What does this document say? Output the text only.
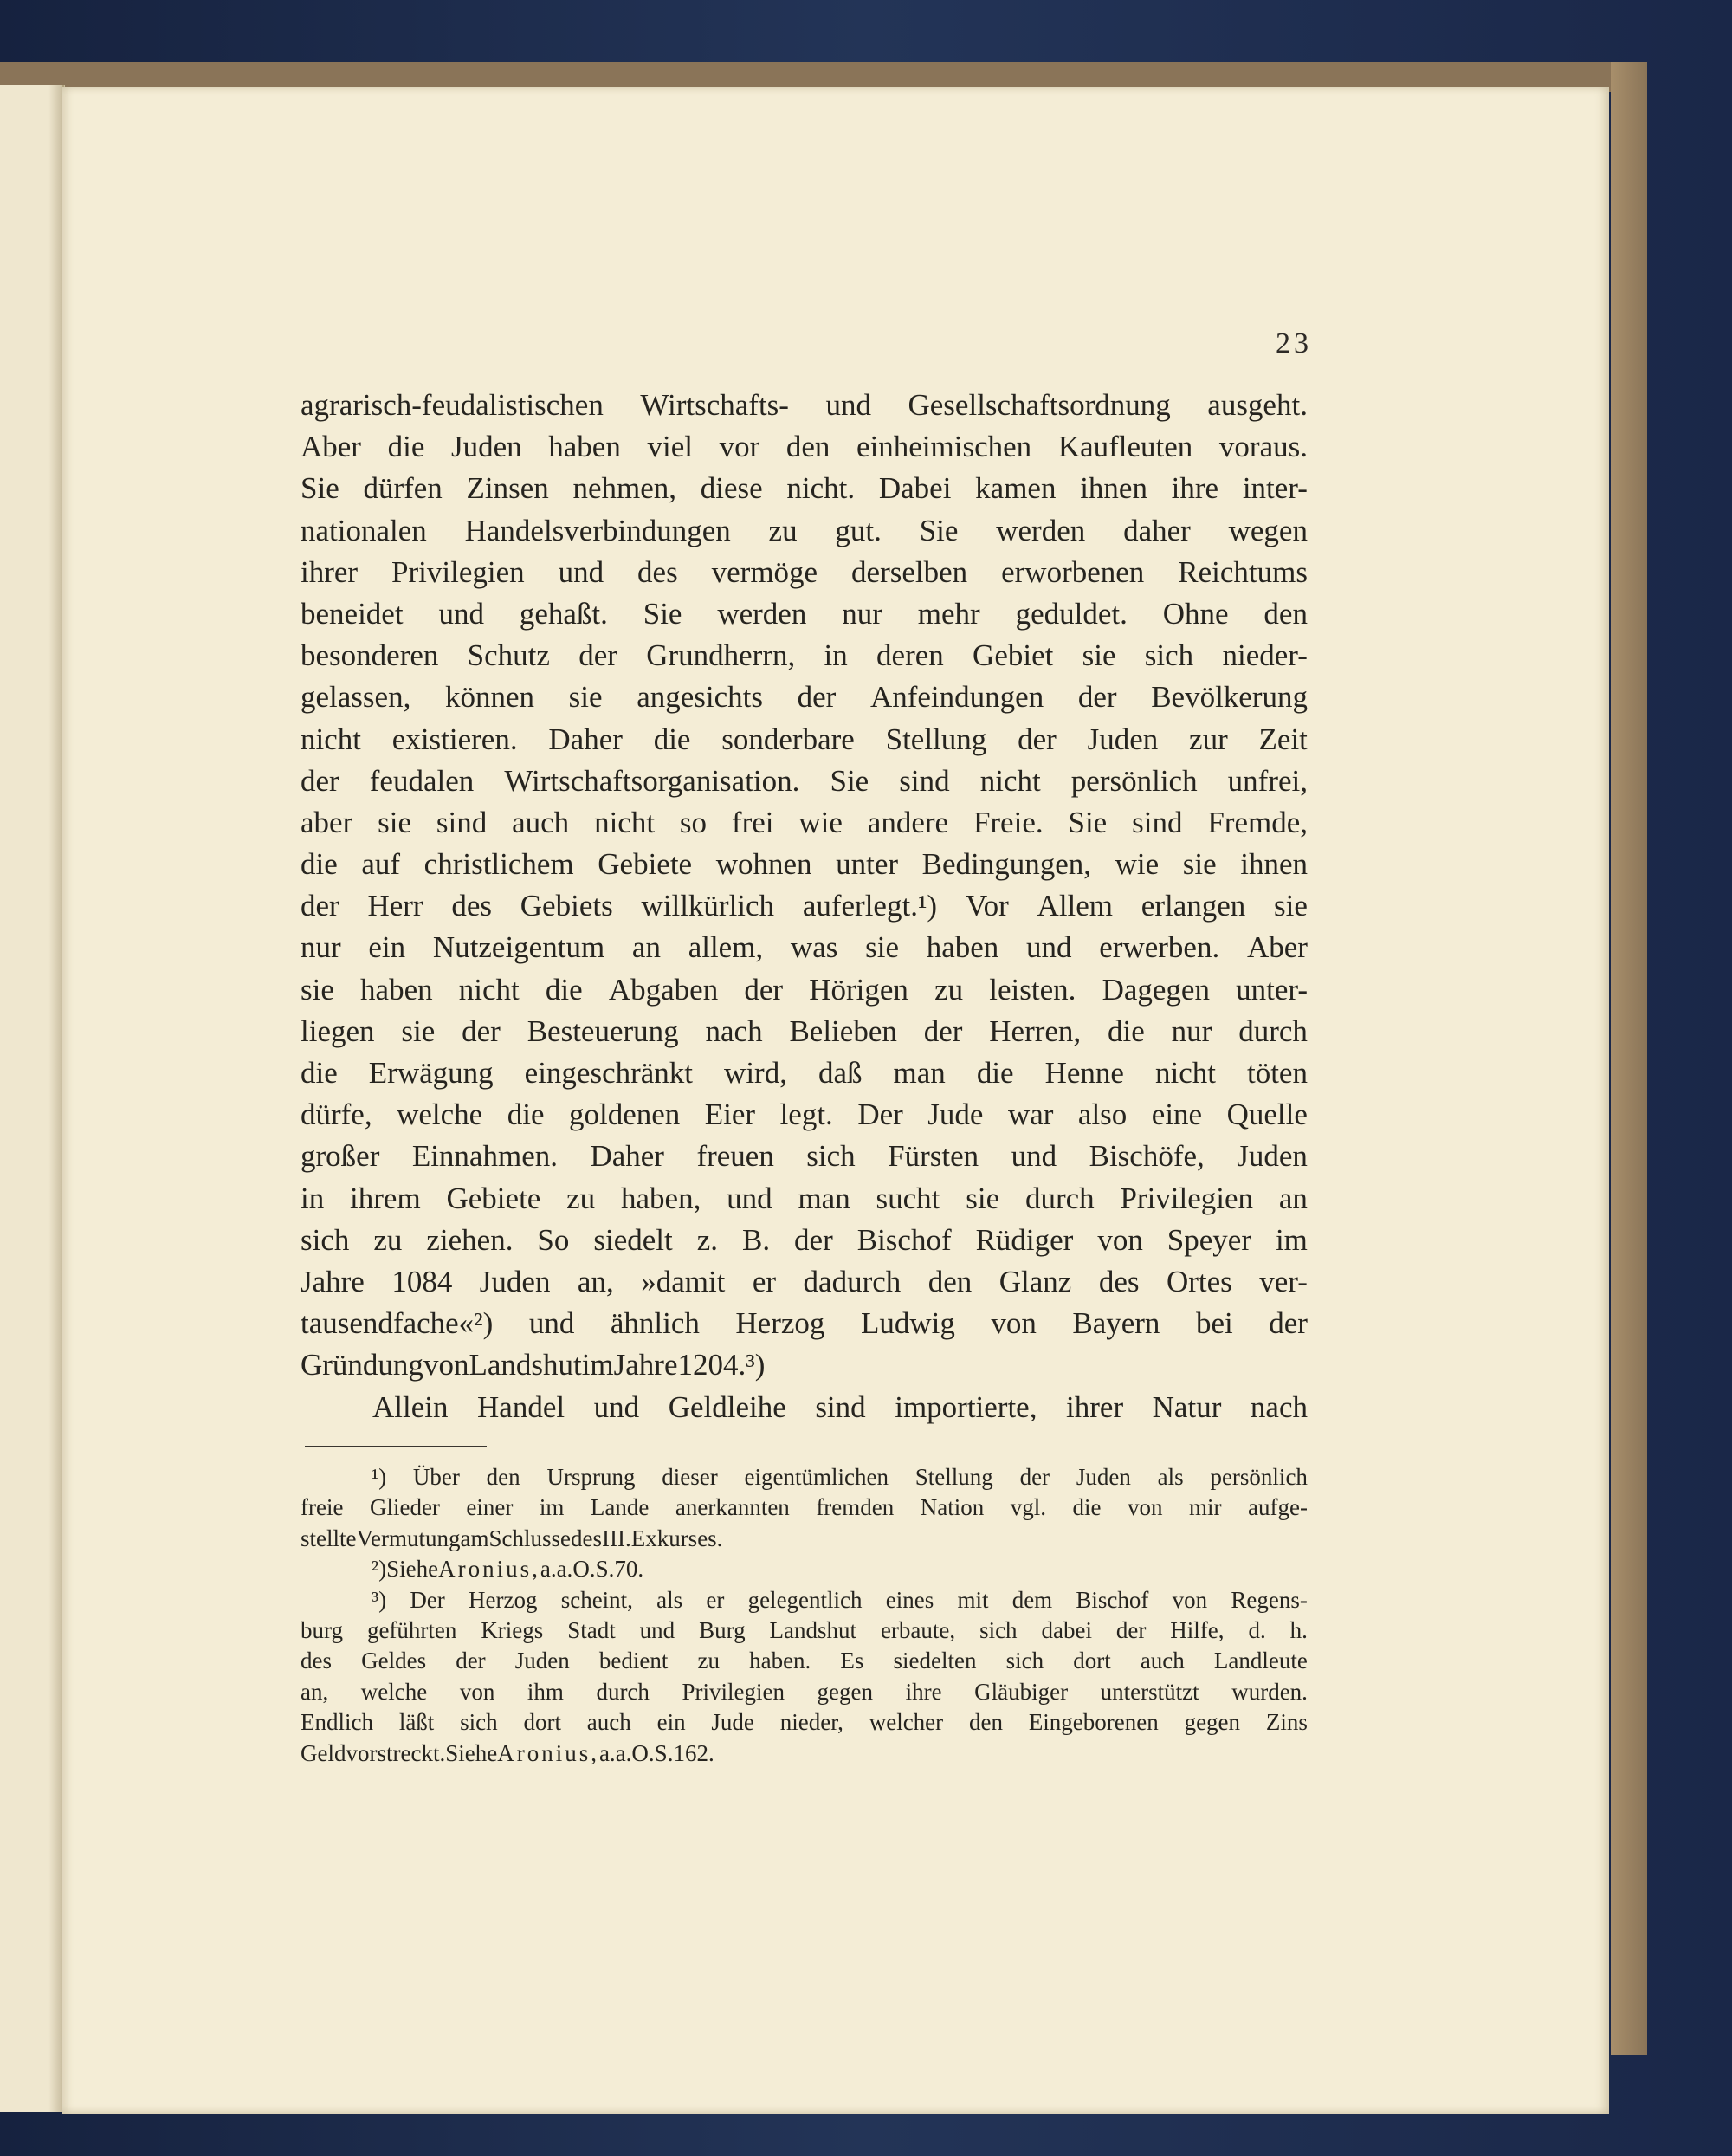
23
agrarisch-feudalistischen Wirtschafts- und Gesellschaftsordnung ausgeht.
Aber die Juden haben viel vor den einheimischen Kaufleuten voraus.
Sie dürfen Zinsen nehmen, diese nicht. Dabei kamen ihnen ihre inter-
nationalen Handelsverbindungen zu gut. Sie werden daher wegen
ihrer Privilegien und des vermöge derselben erworbenen Reichtums
beneidet und gehaßt. Sie werden nur mehr geduldet. Ohne den
besonderen Schutz der Grundherrn, in deren Gebiet sie sich nieder-
gelassen, können sie angesichts der Anfeindungen der Bevölkerung
nicht existieren. Daher die sonderbare Stellung der Juden zur Zeit
der feudalen Wirtschaftsorganisation. Sie sind nicht persönlich unfrei,
aber sie sind auch nicht so frei wie andere Freie. Sie sind Fremde,
die auf christlichem Gebiete wohnen unter Bedingungen, wie sie ihnen
der Herr des Gebiets willkürlich auferlegt.¹) Vor Allem erlangen sie
nur ein Nutzeigentum an allem, was sie haben und erwerben. Aber
sie haben nicht die Abgaben der Hörigen zu leisten. Dagegen unter-
liegen sie der Besteuerung nach Belieben der Herren, die nur durch
die Erwägung eingeschränkt wird, daß man die Henne nicht töten
dürfe, welche die goldenen Eier legt. Der Jude war also eine Quelle
großer Einnahmen. Daher freuen sich Fürsten und Bischöfe, Juden
in ihrem Gebiete zu haben, und man sucht sie durch Privilegien an
sich zu ziehen. So siedelt z. B. der Bischof Rüdiger von Speyer im
Jahre 1084 Juden an, »damit er dadurch den Glanz des Ortes ver-
tausendfache«²) und ähnlich Herzog Ludwig von Bayern bei der
Gründung von Landshut im Jahre 1204.³)
Allein Handel und Geldleihe sind importierte, ihrer Natur nach
¹) Über den Ursprung dieser eigentümlichen Stellung der Juden als persönlich
freie Glieder einer im Lande anerkannten fremden Nation vgl. die von mir aufge-
stellte Vermutung am Schlusse des III. Exkurses.
²) Siehe Aronius, a. a. O. S. 70.
³) Der Herzog scheint, als er gelegentlich eines mit dem Bischof von Regens-
burg geführten Kriegs Stadt und Burg Landshut erbaute, sich dabei der Hilfe, d. h.
des Geldes der Juden bedient zu haben. Es siedelten sich dort auch Landleute
an, welche von ihm durch Privilegien gegen ihre Gläubiger unterstützt wurden.
Endlich läßt sich dort auch ein Jude nieder, welcher den Eingeborenen gegen Zins
Geld vorstreckt. Siehe Aronius, a. a. O. S. 162.
